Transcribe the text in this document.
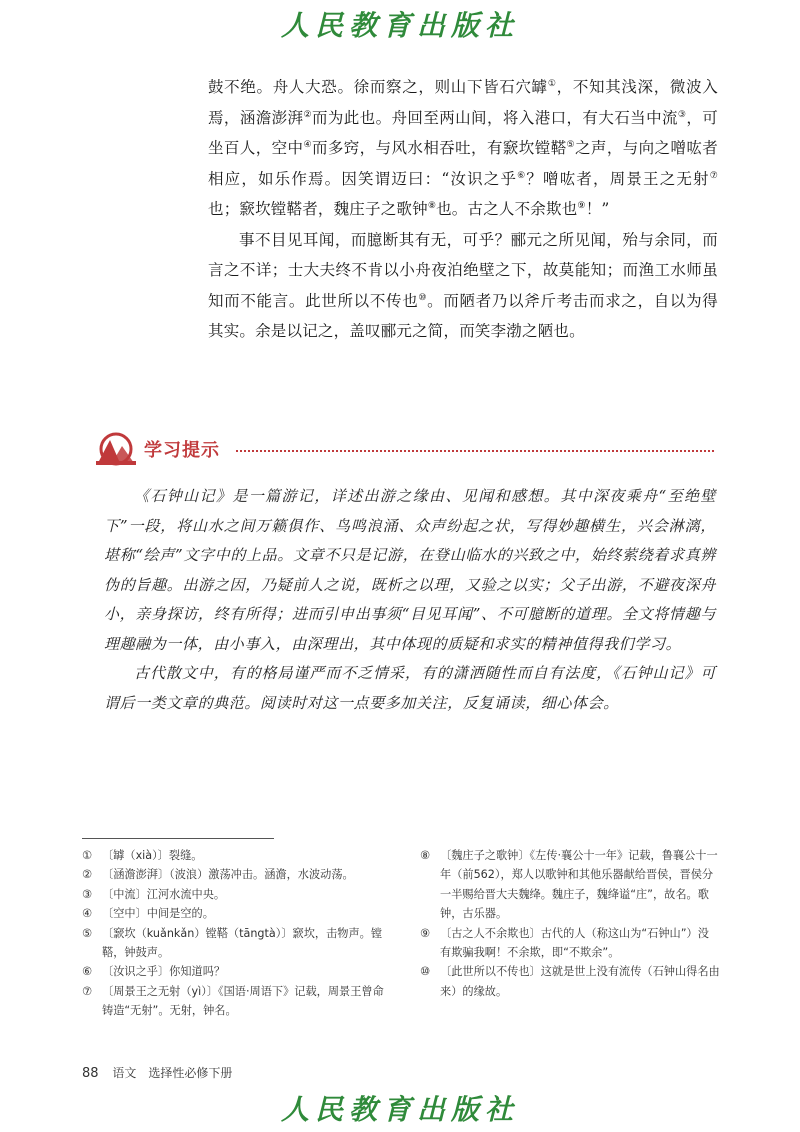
人民教育出版社

鼓不绝。舟人大恐。徐而察之，则山下皆石穴罅①，不知其浅深，微波入焉，涵澹澎湃②而为此也。舟回至两山间，将入港口，有大石当中流③，可坐百人，空中④而多窍，与风水相吞吐，有窾坎镗鞳⑤之声，与向之噌吰者相应，如乐作焉。因笑谓迈曰：“汝识之乎⑥？噌吰者，周景王之无射⑦也；窾坎镗鞳者，魏庄子之歌钟⑧也。古之人不余欺也⑨！”

事不目见耳闻，而臆断其有无，可乎？郦元之所见闻，殆与余同，而言之不详；士大夫终不肯以小舟夜泊绝壁之下，故莫能知；而渔工水师虽知而不能言。此世所以不传也⑩。而陋者乃以斧斤考击而求之，自以为得其实。余是以记之，盖叹郦元之简，而笑李渤之陋也。

学习提示

《石钟山记》是一篇游记，详述出游之缘由、见闻和感想。其中深夜乘舟“至绝壁下”一段，将山水之间万籁俱作、鸟鸣浪涌、众声纷起之状，写得妙趣横生，兴会淋漓，堪称“绘声”文字中的上品。文章不只是记游，在登山临水的兴致之中，始终萦绕着求真辨伪的旨趣。出游之因，乃疑前人之说，既析之以理，又验之以实；父子出游，不避夜深舟小，亲身探访，终有所得；进而引申出事须“目见耳闻”、不可臆断的道理。全文将情趣与理趣融为一体，由小事入，由深理出，其中体现的质疑和求实的精神值得我们学习。

古代散文中，有的格局谨严而不乏情采，有的潇洒随性而自有法度，《石钟山记》可谓后一类文章的典范。阅读时对这一点要多加关注，反复诵读，细心体会。

① 〔罅（xià）〕裂缝。
② 〔涵澹澎湃〕（波浪）激荡冲击。涵澹，水波动荡。
③ 〔中流〕江河水流中央。
④ 〔空中〕中间是空的。
⑤ 〔窾坎（kuǎnkǎn）镗鞳（tāngtà）〕窾坎，击物声。镗鞳，钟鼓声。
⑥ 〔汝识之乎〕你知道吗？
⑦ 〔周景王之无射（yì）〕《国语·周语下》记载，周景王曾命铸造“无射”。无射，钟名。
⑧ 〔魏庄子之歌钟〕《左传·襄公十一年》记载，鲁襄公十一年（前562），郑人以歌钟和其他乐器献给晋侯，晋侯分一半赐给晋大夫魏绛。魏庄子，魏绛谥“庄”，故名。歌钟，古乐器。
⑨ 〔古之人不余欺也〕古代的人（称这山为“石钟山”）没有欺骗我啊！不余欺，即“不欺余”。
⑩ 〔此世所以不传也〕这就是世上没有流传（石钟山得名由来）的缘故。
88 语文　选择性必修下册
人民教育出版社
